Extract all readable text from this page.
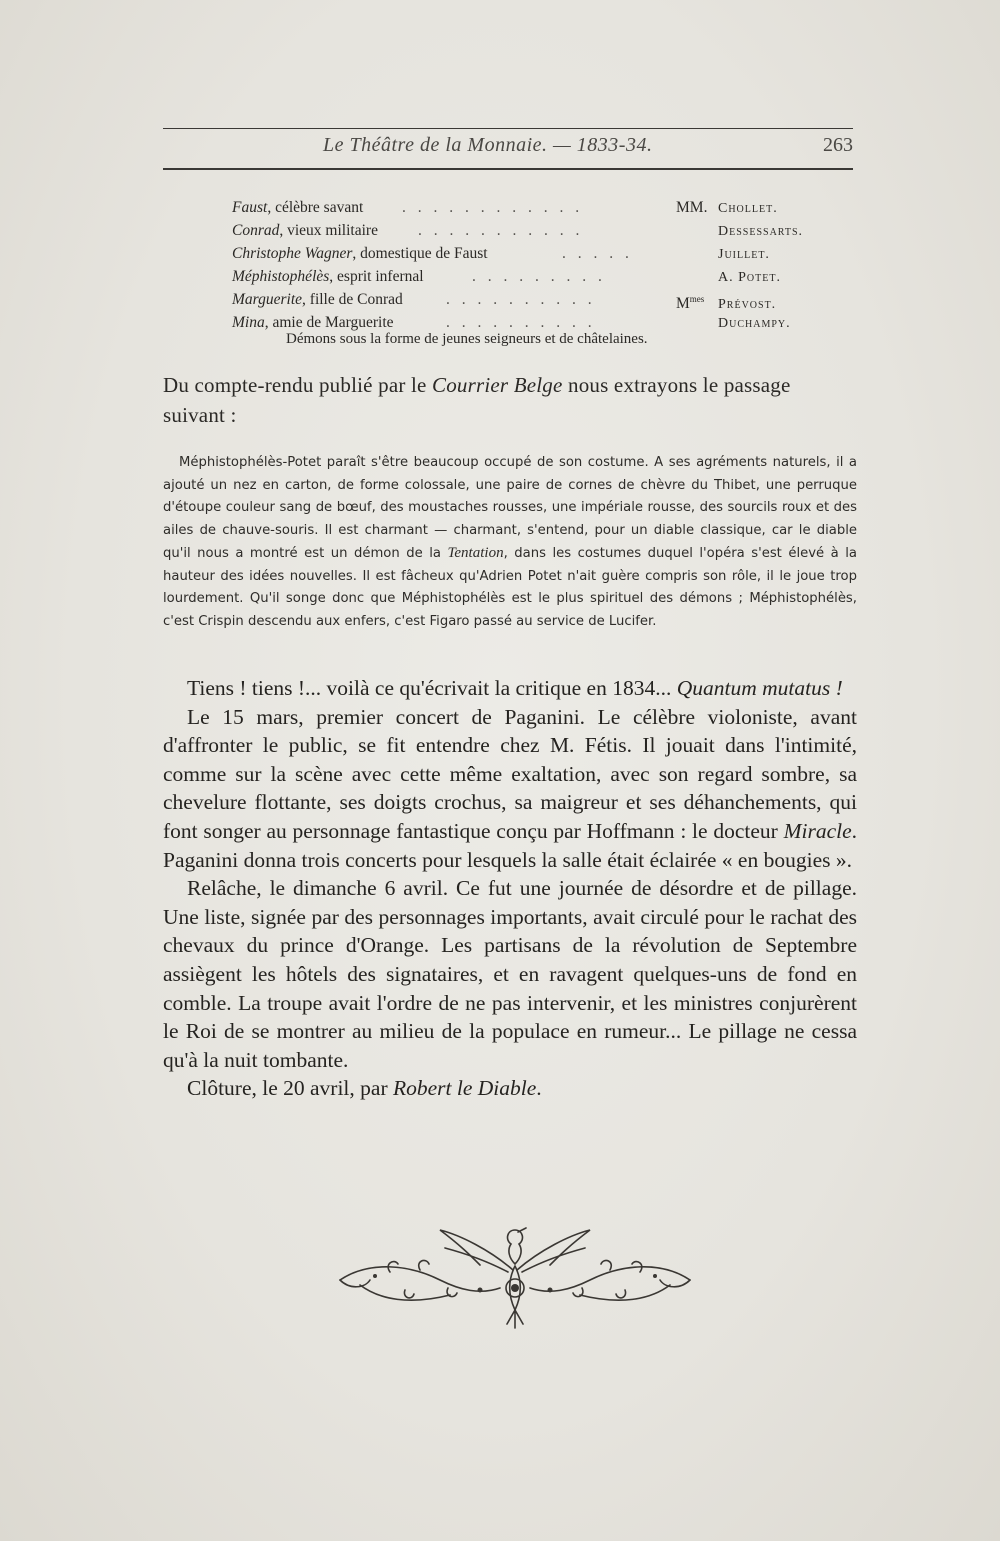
Le Théâtre de la Monnaie. — 1833-34.	263
Faust, célèbre savant . . . . . . . . . . . .	MM. Chollet.
Conrad, vieux militaire	. . . . . . . . . . .	Dessessarts.
Christophe Wagner, domestique de Faust	. . . . .	Juillet.
Méphistophélès, esprit infernal	. . . . . . . . .	A. Potet.
Marguerite, fille de Conrad	. . . . . . . . . .	$M^{mes}$ Prévost.
Mina, amie de Marguerite	. . . . . . . . . .	Duchampy.
Démons sous la forme de jeunes seigneurs et de châtelaines.
Du compte-rendu publié par le Courrier Belge nous extrayons le passage suivant :
Méphistophélès-Potet paraît s'être beaucoup occupé de son costume. A ses agréments naturels, il a ajouté un nez en carton, de forme colossale, une paire de cornes de chèvre du Thibet, une perruque d'étoupe couleur sang de bœuf, des moustaches rousses, une impériale rousse, des sourcils roux et des ailes de chauve-souris. Il est charmant — charmant, s'entend, pour un diable classique, car le diable qu'il nous a montré est un démon de la Tentation, dans les costumes duquel l'opéra s'est élevé à la hauteur des idées nouvelles. Il est fâcheux qu'Adrien Potet n'ait guère compris son rôle, il le joue trop lourdement. Qu'il songe donc que Méphistophélès est le plus spirituel des démons ; Méphistophélès, c'est Crispin descendu aux enfers, c'est Figaro passé au service de Lucifer.

Tiens ! tiens !... voilà ce qu'écrivait la critique en 1834... Quantum mutatus !

Le 15 mars, premier concert de Paganini. Le célèbre violoniste, avant d'affronter le public, se fit entendre chez M. Fétis. Il jouait dans l'intimité, comme sur la scène avec cette même exaltation, avec son regard sombre, sa chevelure flottante, ses doigts crochus, sa maigreur et ses déhanchements, qui font songer au personnage fantastique conçu par Hoffmann : le docteur Miracle. Paganini donna trois concerts pour lesquels la salle était éclairée « en bougies ».

Relâche, le dimanche 6 avril. Ce fut une journée de désordre et de pillage. Une liste, signée par des personnages importants, avait circulé pour le rachat des chevaux du prince d'Orange. Les partisans de la révolution de Septembre assiègent les hôtels des signataires, et en ravagent quelques-uns de fond en comble. La troupe avait l'ordre de ne pas intervenir, et les ministres conjurèrent le Roi de se montrer au milieu de la populace en rumeur... Le pillage ne cessa qu'à la nuit tombante.

Clôture, le 20 avril, par Robert le Diable.
